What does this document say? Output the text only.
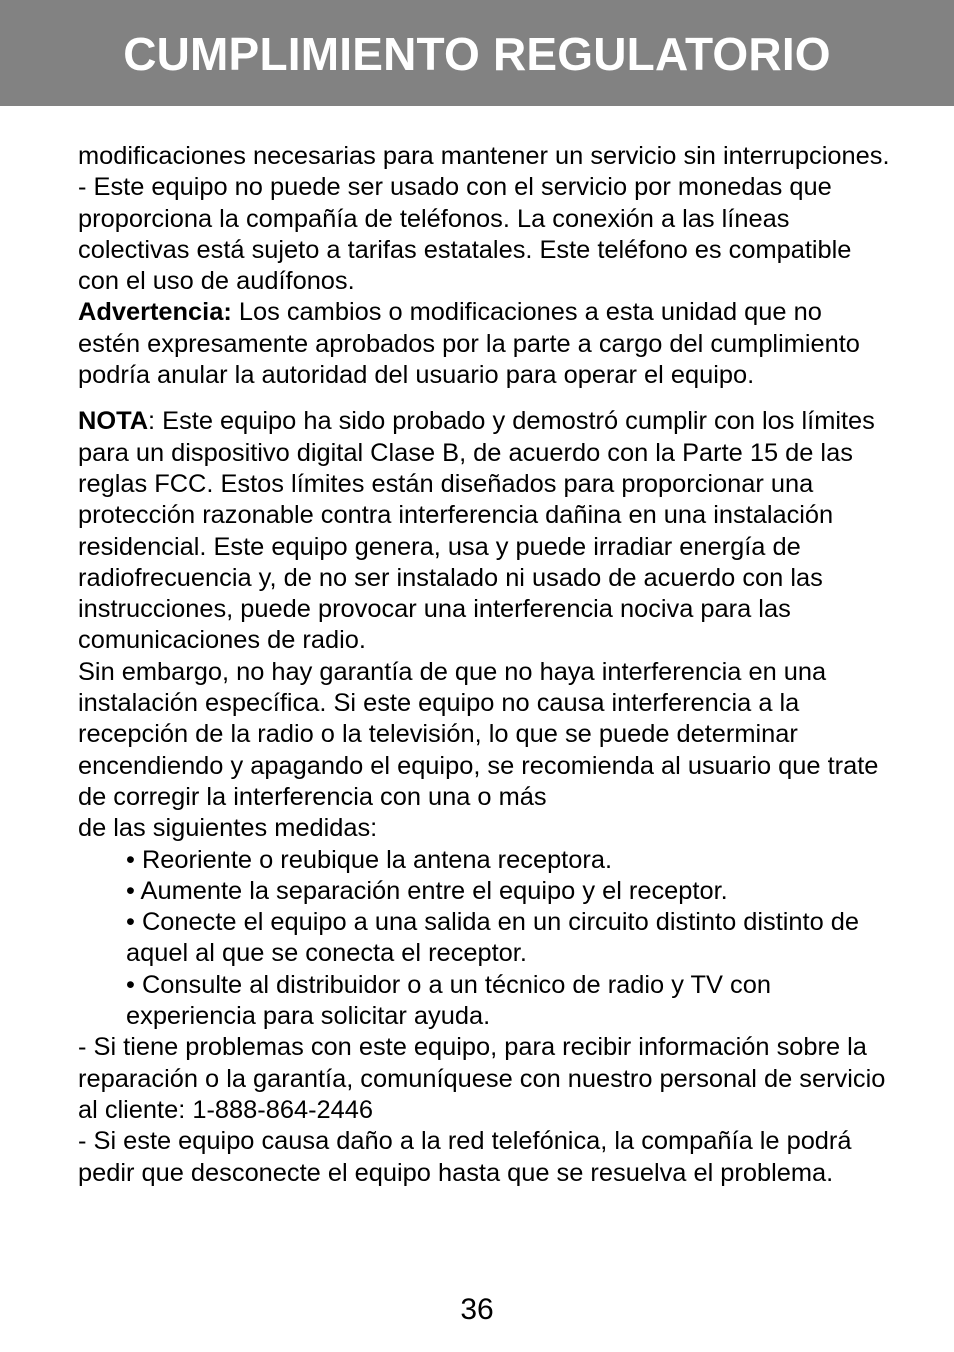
CUMPLIMIENTO REGULATORIO

modificaciones necesarias para mantener un servicio sin interrupciones.

- Este equipo no puede ser usado con el servicio por monedas que proporciona la compañía de teléfonos. La conexión a las líneas colectivas está sujeto a tarifas estatales. Este teléfono es compatible con el uso de audífonos.

Advertencia: Los cambios o modificaciones a esta unidad que no estén expresamente aprobados por la parte a cargo del cumplimiento podría anular la autoridad del usuario para operar el equipo.

NOTA: Este equipo ha sido probado y demostró cumplir con los límites para un dispositivo digital Clase B, de acuerdo con la Parte 15 de las reglas FCC. Estos límites están diseñados para proporcionar una protección razonable contra interferencia dañina en una instalación residencial. Este equipo genera, usa y puede irradiar energía de radiofrecuencia y, de no ser instalado ni usado de acuerdo con las instrucciones, puede provocar una interferencia nociva para las comunicaciones de radio.

Sin embargo, no hay garantía de que no haya interferencia en una instalación específica. Si este equipo no causa interferencia a la recepción de la radio o la televisión, lo que se puede determinar encendiendo y apagando el equipo, se recomienda al usuario que trate de corregir la interferencia con una o más

de las siguientes medidas:

• Reoriente o reubique la antena receptora.
• Aumente la separación entre el equipo y el receptor.
• Conecte el equipo a una salida en un circuito distinto distinto de aquel al que se conecta el receptor.
• Consulte al distribuidor o a un técnico de radio y TV con experiencia para solicitar ayuda.

- Si tiene problemas con este equipo, para recibir información sobre la reparación o la garantía, comuníquese con nuestro personal de servicio al cliente: 1-888-864-2446

- Si este equipo causa daño a la red telefónica, la compañía le podrá pedir que desconecte el equipo hasta que se resuelva el problema.

36
